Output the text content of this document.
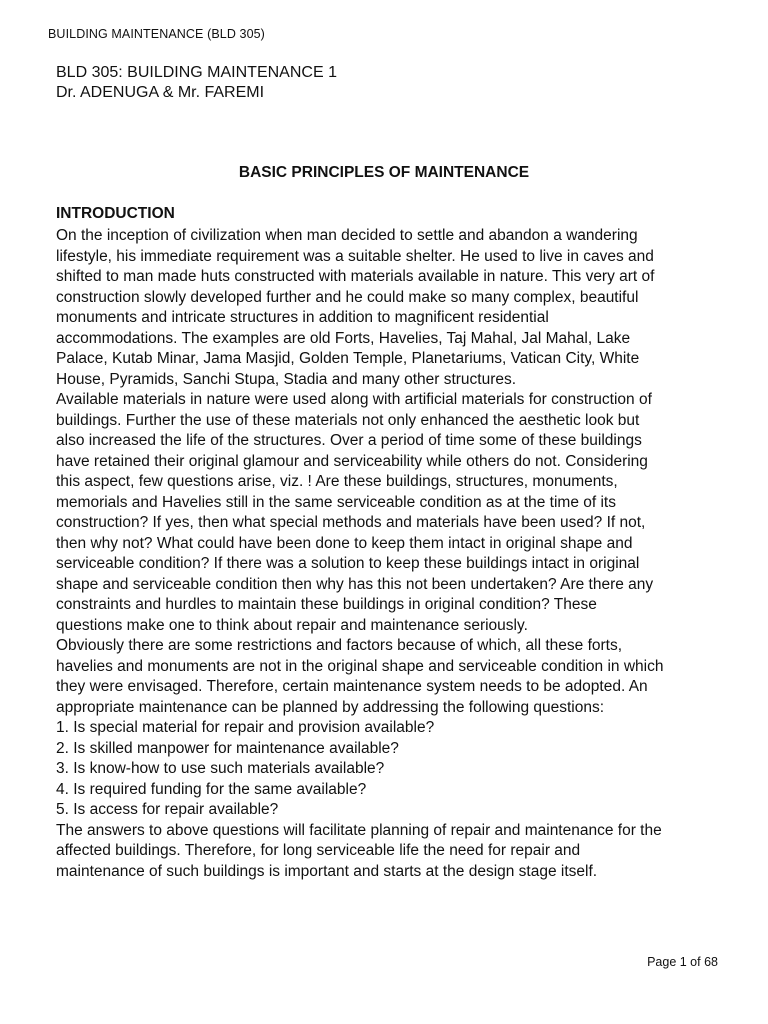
BUILDING MAINTENANCE (BLD 305)
BLD 305: BUILDING MAINTENANCE 1
Dr. ADENUGA & Mr. FAREMI
BASIC PRINCIPLES OF MAINTENANCE
INTRODUCTION
On the inception of civilization when man decided to settle and abandon a wandering
lifestyle, his immediate requirement was a suitable shelter. He used to live in caves and
shifted to man made huts constructed with materials available in nature. This very art of
construction slowly developed further and he could make so many complex, beautiful
monuments and intricate structures in addition to magnificent residential
accommodations. The examples are old Forts, Havelies, Taj Mahal, Jal Mahal, Lake
Palace, Kutab Minar, Jama Masjid, Golden Temple, Planetariums, Vatican City, White
House, Pyramids, Sanchi Stupa, Stadia and many other structures.
Available materials in nature were used along with artificial materials for construction of
buildings. Further the use of these materials not only enhanced the aesthetic look but
also increased the life of the structures. Over a period of time some of these buildings
have retained their original glamour and serviceability while others do not. Considering
this aspect, few questions arise, viz. ! Are these buildings, structures, monuments,
memorials and Havelies still in the same serviceable condition as at the time of its
construction? If yes, then what special methods and materials have been used? If not,
then why not? What could have been done to keep them intact in original shape and
serviceable condition? If there was a solution to keep these buildings intact in original
shape and serviceable condition then why has this not been undertaken? Are there any
constraints and hurdles to maintain these buildings in original condition? These
questions make one to think about repair and maintenance seriously.
Obviously there are some restrictions and factors because of which, all these forts,
havelies and monuments are not in the original shape and serviceable condition in which
they were envisaged. Therefore, certain maintenance system needs to be adopted. An
appropriate maintenance can be planned by addressing the following questions:
1. Is special material for repair and provision available?
2. Is skilled manpower for maintenance available?
3. Is know-how to use such materials available?
4. Is required funding for the same available?
5. Is access for repair available?
The answers to above questions will facilitate planning of repair and maintenance for the
affected buildings. Therefore, for long serviceable life the need for repair and
maintenance of such buildings is important and starts at the design stage itself.
Page 1 of 68
